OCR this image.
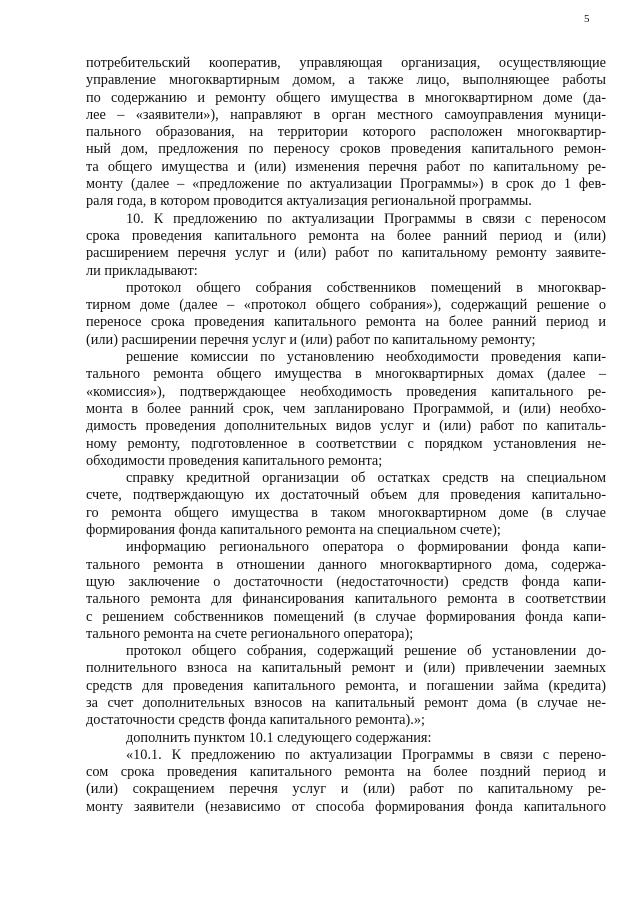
5
потребительский кооператив, управляющая организация, осуществляющие
управление многоквартирным домом, а также лицо, выполняющее работы
по содержанию и ремонту общего имущества в многоквартирном доме (да-
лее – «заявители»), направляют в орган местного самоуправления муници-
пального образования, на территории которого расположен многоквартир-
ный дом, предложения по переносу сроков проведения капитального ремон-
та общего имущества и (или) изменения перечня работ по капитальному ре-
монту (далее – «предложение по актуализации Программы») в срок до 1 фев-
раля года, в котором проводится актуализация региональной программы.
10. К предложению по актуализации Программы в связи с переносом
срока проведения капитального ремонта на более ранний период и (или)
расширением перечня услуг и (или) работ по капитальному ремонту заявите-
ли прикладывают:
протокол общего собрания собственников помещений в многоквар-
тирном доме (далее – «протокол общего собрания»), содержащий решение о
переносе срока проведения капитального ремонта на более ранний период и
(или) расширении перечня услуг и (или) работ по капитальному ремонту;
решение комиссии по установлению необходимости проведения капи-
тального ремонта общего имущества в многоквартирных домах (далее –
«комиссия»), подтверждающее необходимость проведения капитального ре-
монта в более ранний срок, чем запланировано Программой, и (или) необхо-
димость проведения дополнительных видов услуг и (или) работ по капиталь-
ному ремонту, подготовленное в соответствии с порядком установления не-
обходимости проведения капитального ремонта;
справку кредитной организации об остатках средств на специальном
счете, подтверждающую их достаточный объем для проведения капитально-
го ремонта общего имущества в таком многоквартирном доме (в случае
формирования фонда капитального ремонта на специальном счете);
информацию регионального оператора о формировании фонда капи-
тального ремонта в отношении данного многоквартирного дома, содержа-
щую заключение о достаточности (недостаточности) средств фонда капи-
тального ремонта для финансирования капитального ремонта в соответствии
с решением собственников помещений (в случае формирования фонда капи-
тального ремонта на счете регионального оператора);
протокол общего собрания, содержащий решение об установлении до-
полнительного взноса на капитальный ремонт и (или) привлечении заемных
средств для проведения капитального ремонта, и погашении займа (кредита)
за счет дополнительных взносов на капитальный ремонт дома (в случае не-
достаточности средств фонда капитального ремонта).»;
дополнить пунктом 10.1 следующего содержания:
«10.1. К предложению по актуализации Программы в связи с перено-
сом срока проведения капитального ремонта на более поздний период и
(или) сокращением перечня услуг и (или) работ по капитальному ре-
монту заявители (независимо от способа формирования фонда капитального
